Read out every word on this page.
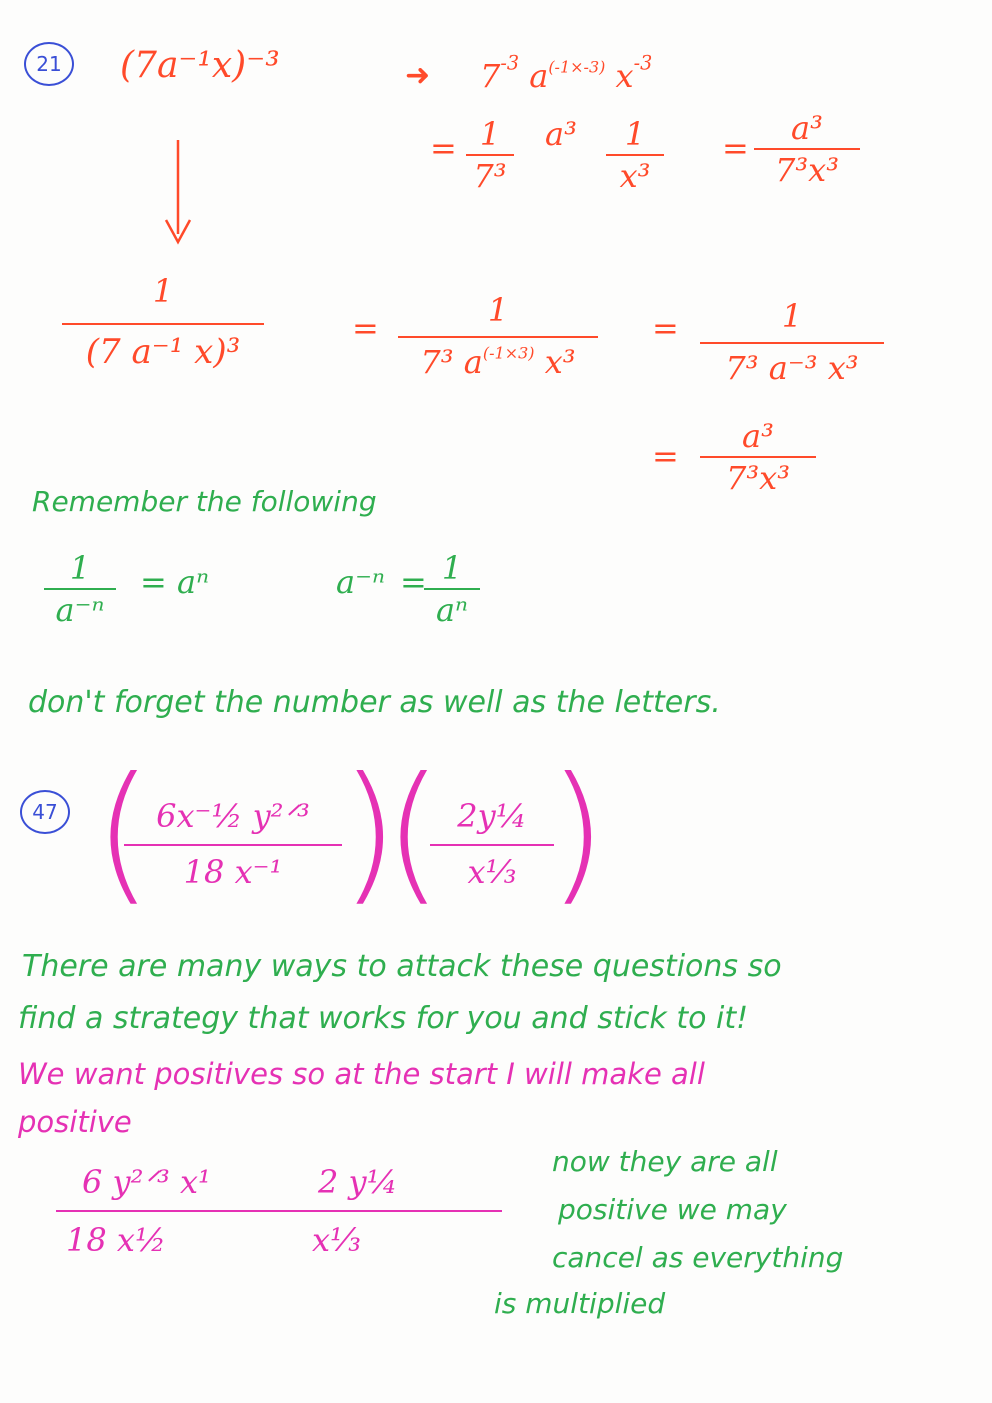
21 (7a⁻¹x)⁻³	➜ $7^{-3}$ $a^{(-1\times-3)}$ $x^{-3}$
= 1
7³
a³ 1
x³
=
a³
7³x³
1
(7 a⁻¹ x)³
=	1
7³ $a^{(-1\times 3)}$ x³
=	1
7³ a⁻³ x³
=
a³
7³x³
Remember the following
1
a⁻ⁿ
= aⁿ	a⁻ⁿ = 1
aⁿ
don't forget the number as well as the letters.
47 ( 6x⁻½ y²ᐟ³
18 x⁻¹ )
( 2y¼
x⅓ )
There are many ways to attack these questions so
find a strategy that works for you and stick to it!
We want positives so at the start I will make all
positive
6 y²ᐟ³ x¹	2 y¼
18 x½	x⅓
now they are all
positive we may
cancel as everything
is multiplied
